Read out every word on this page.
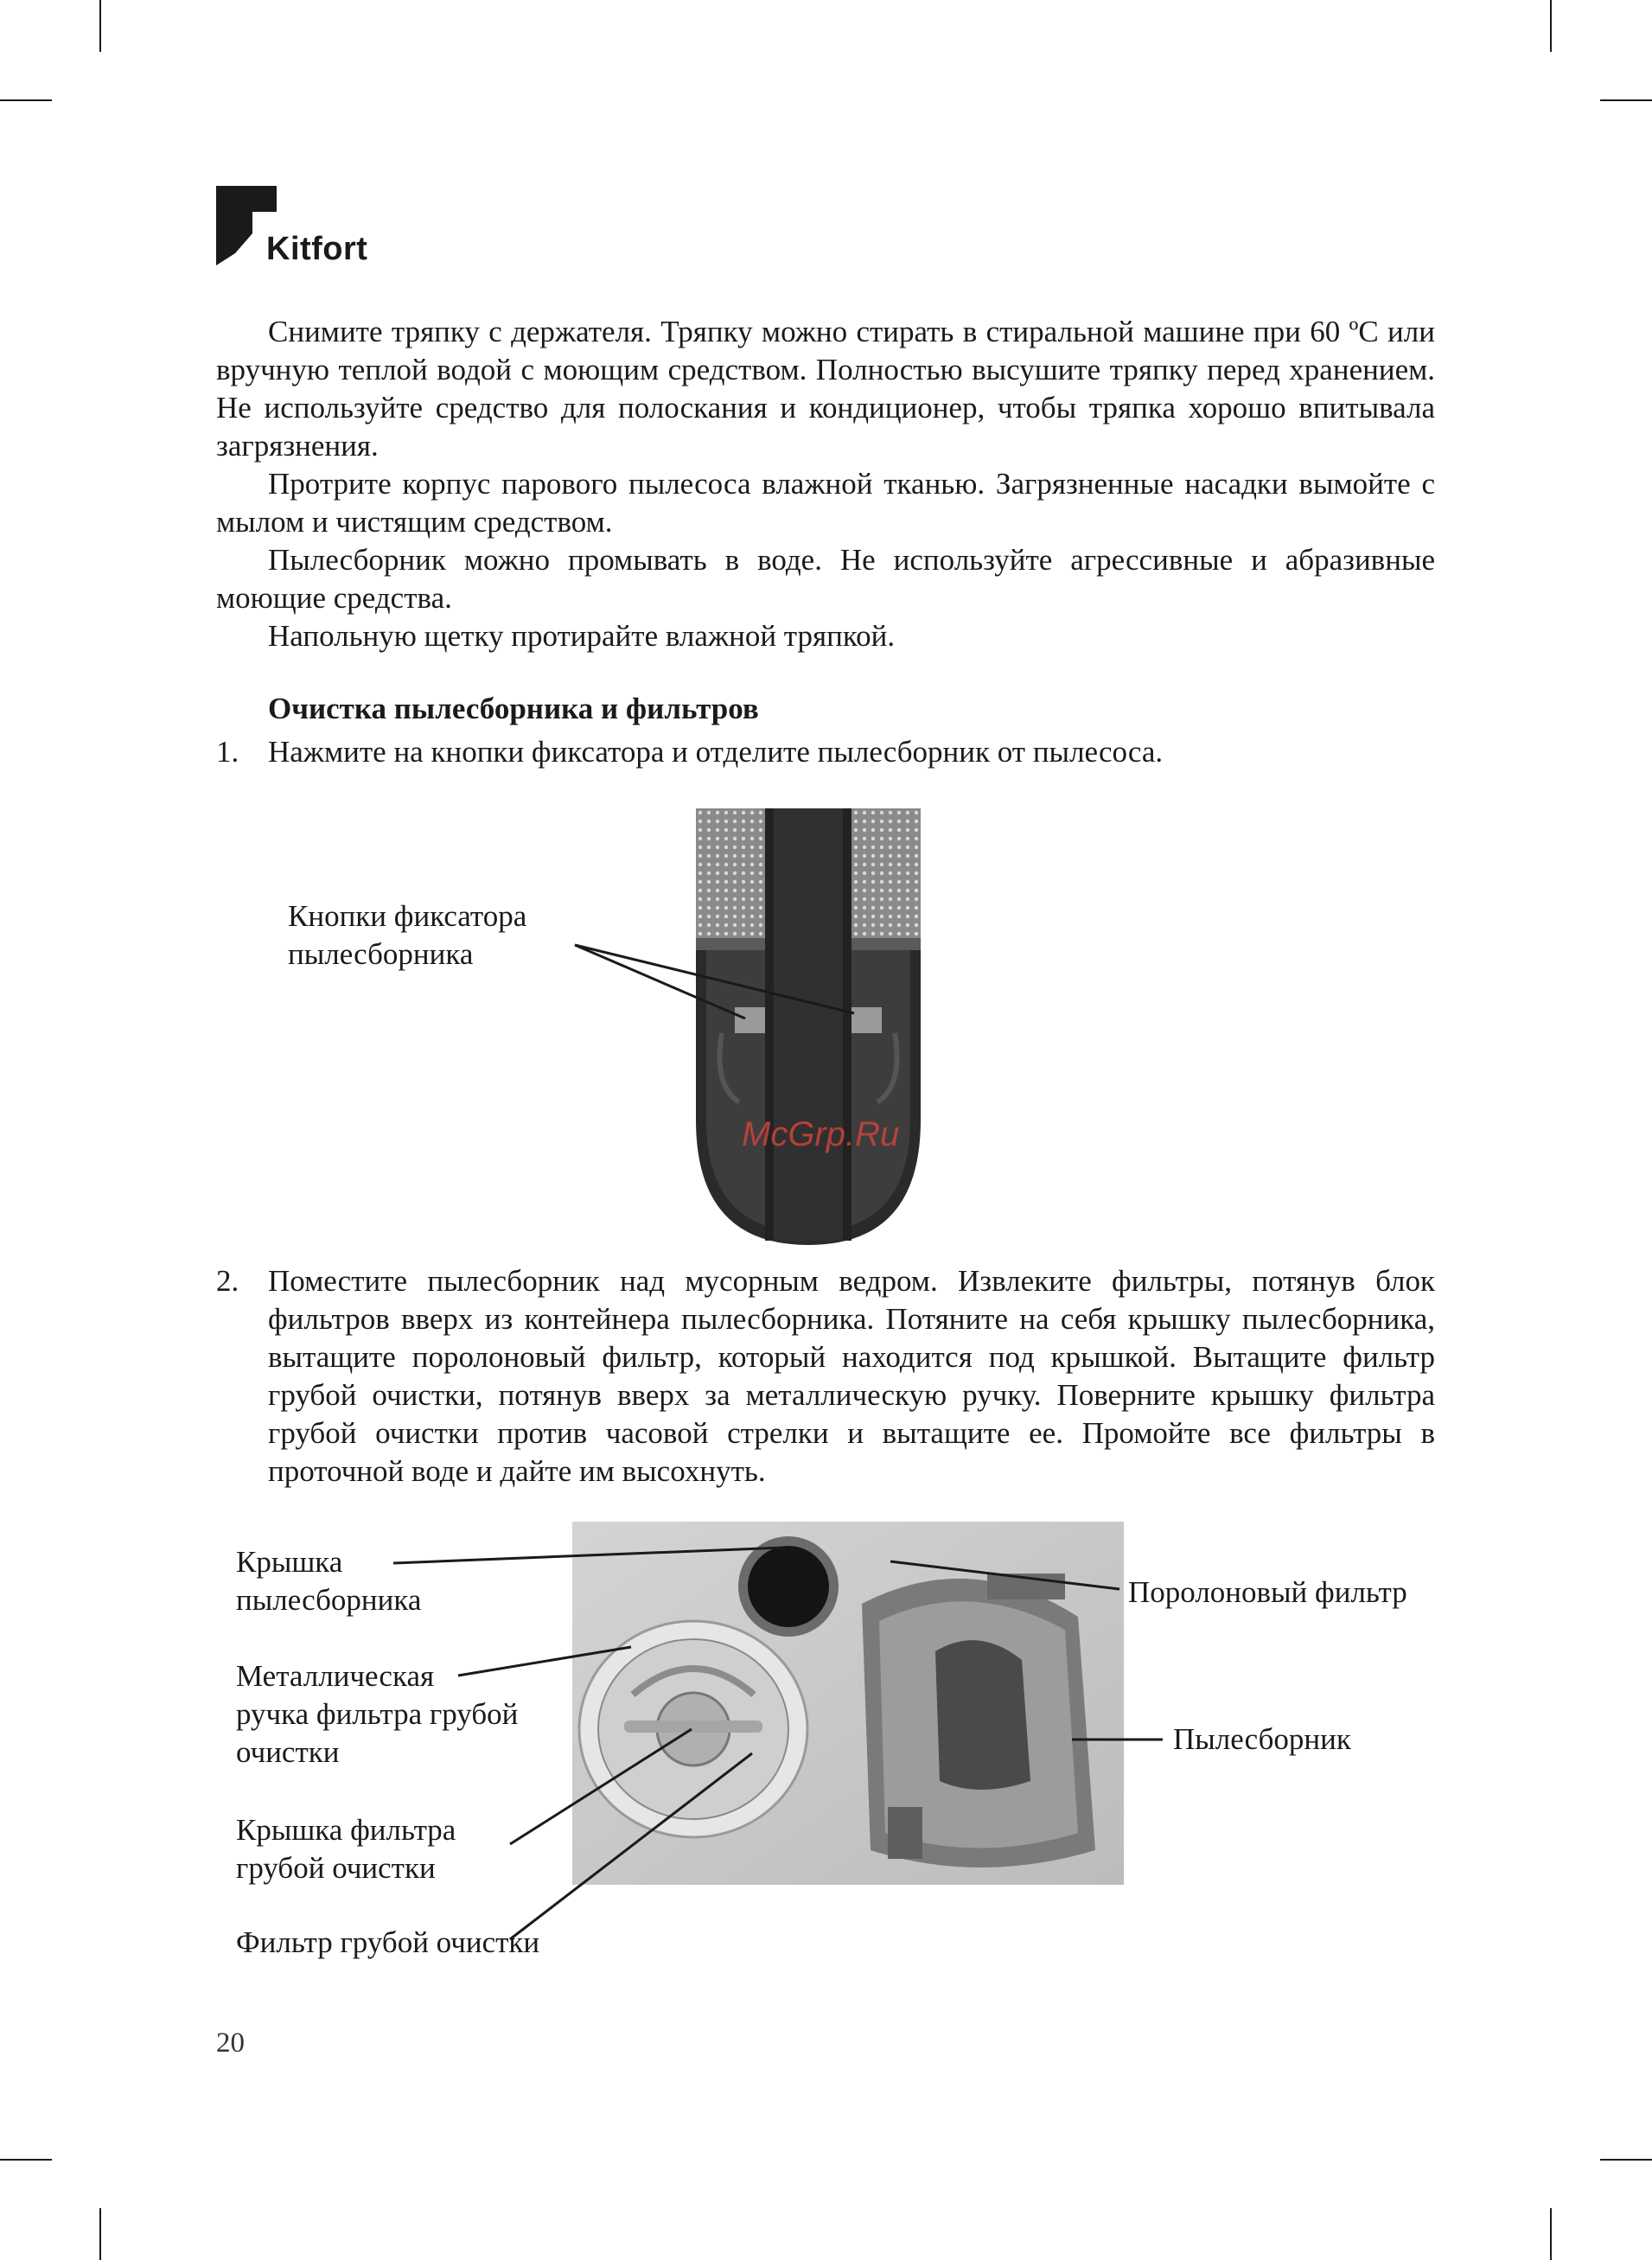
Kitfort

Снимите тряпку с держателя. Тряпку можно стирать в стиральной машине при 60 ºС или вручную теплой водой с моющим средством. Полностью высушите тряпку перед хранением. Не используйте средство для полоскания и кондиционер, чтобы тряпка хорошо впитывала загрязнения.

Протрите корпус парового пылесоса влажной тканью. Загрязненные насадки вымойте с мылом и чистящим средством.

Пылесборник можно промывать в воде. Не используйте агрессивные и абразивные моющие средства.

Напольную щетку протирайте влажной тряпкой.

Очистка пылесборника и фильтров
1. Нажмите на кнопки фиксатора и отделите пылесборник от пылесоса.
McGrp.Ru
Кнопки фиксатора
пылесборника
2. Поместите пылесборник над мусорным ведром. Извлеките фильтры, потянув блок фильтров вверх из контейнера пылесборника. Потяните на себя крышку пылесборника, вытащите поролоновый фильтр, который находится под крышкой. Вытащите фильтр грубой очистки, потянув вверх за металлическую ручку. Поверните крышку фильтра грубой очистки против часовой стрелки и вытащите ее. Промойте все фильтры в проточной воде и дайте им высохнуть.
Крышка
пылесборника
Металлическая
ручка фильтра грубой
очистки
Крышка фильтра
грубой очистки
Фильтр грубой очистки
Поролоновый фильтр
Пылесборник
20
